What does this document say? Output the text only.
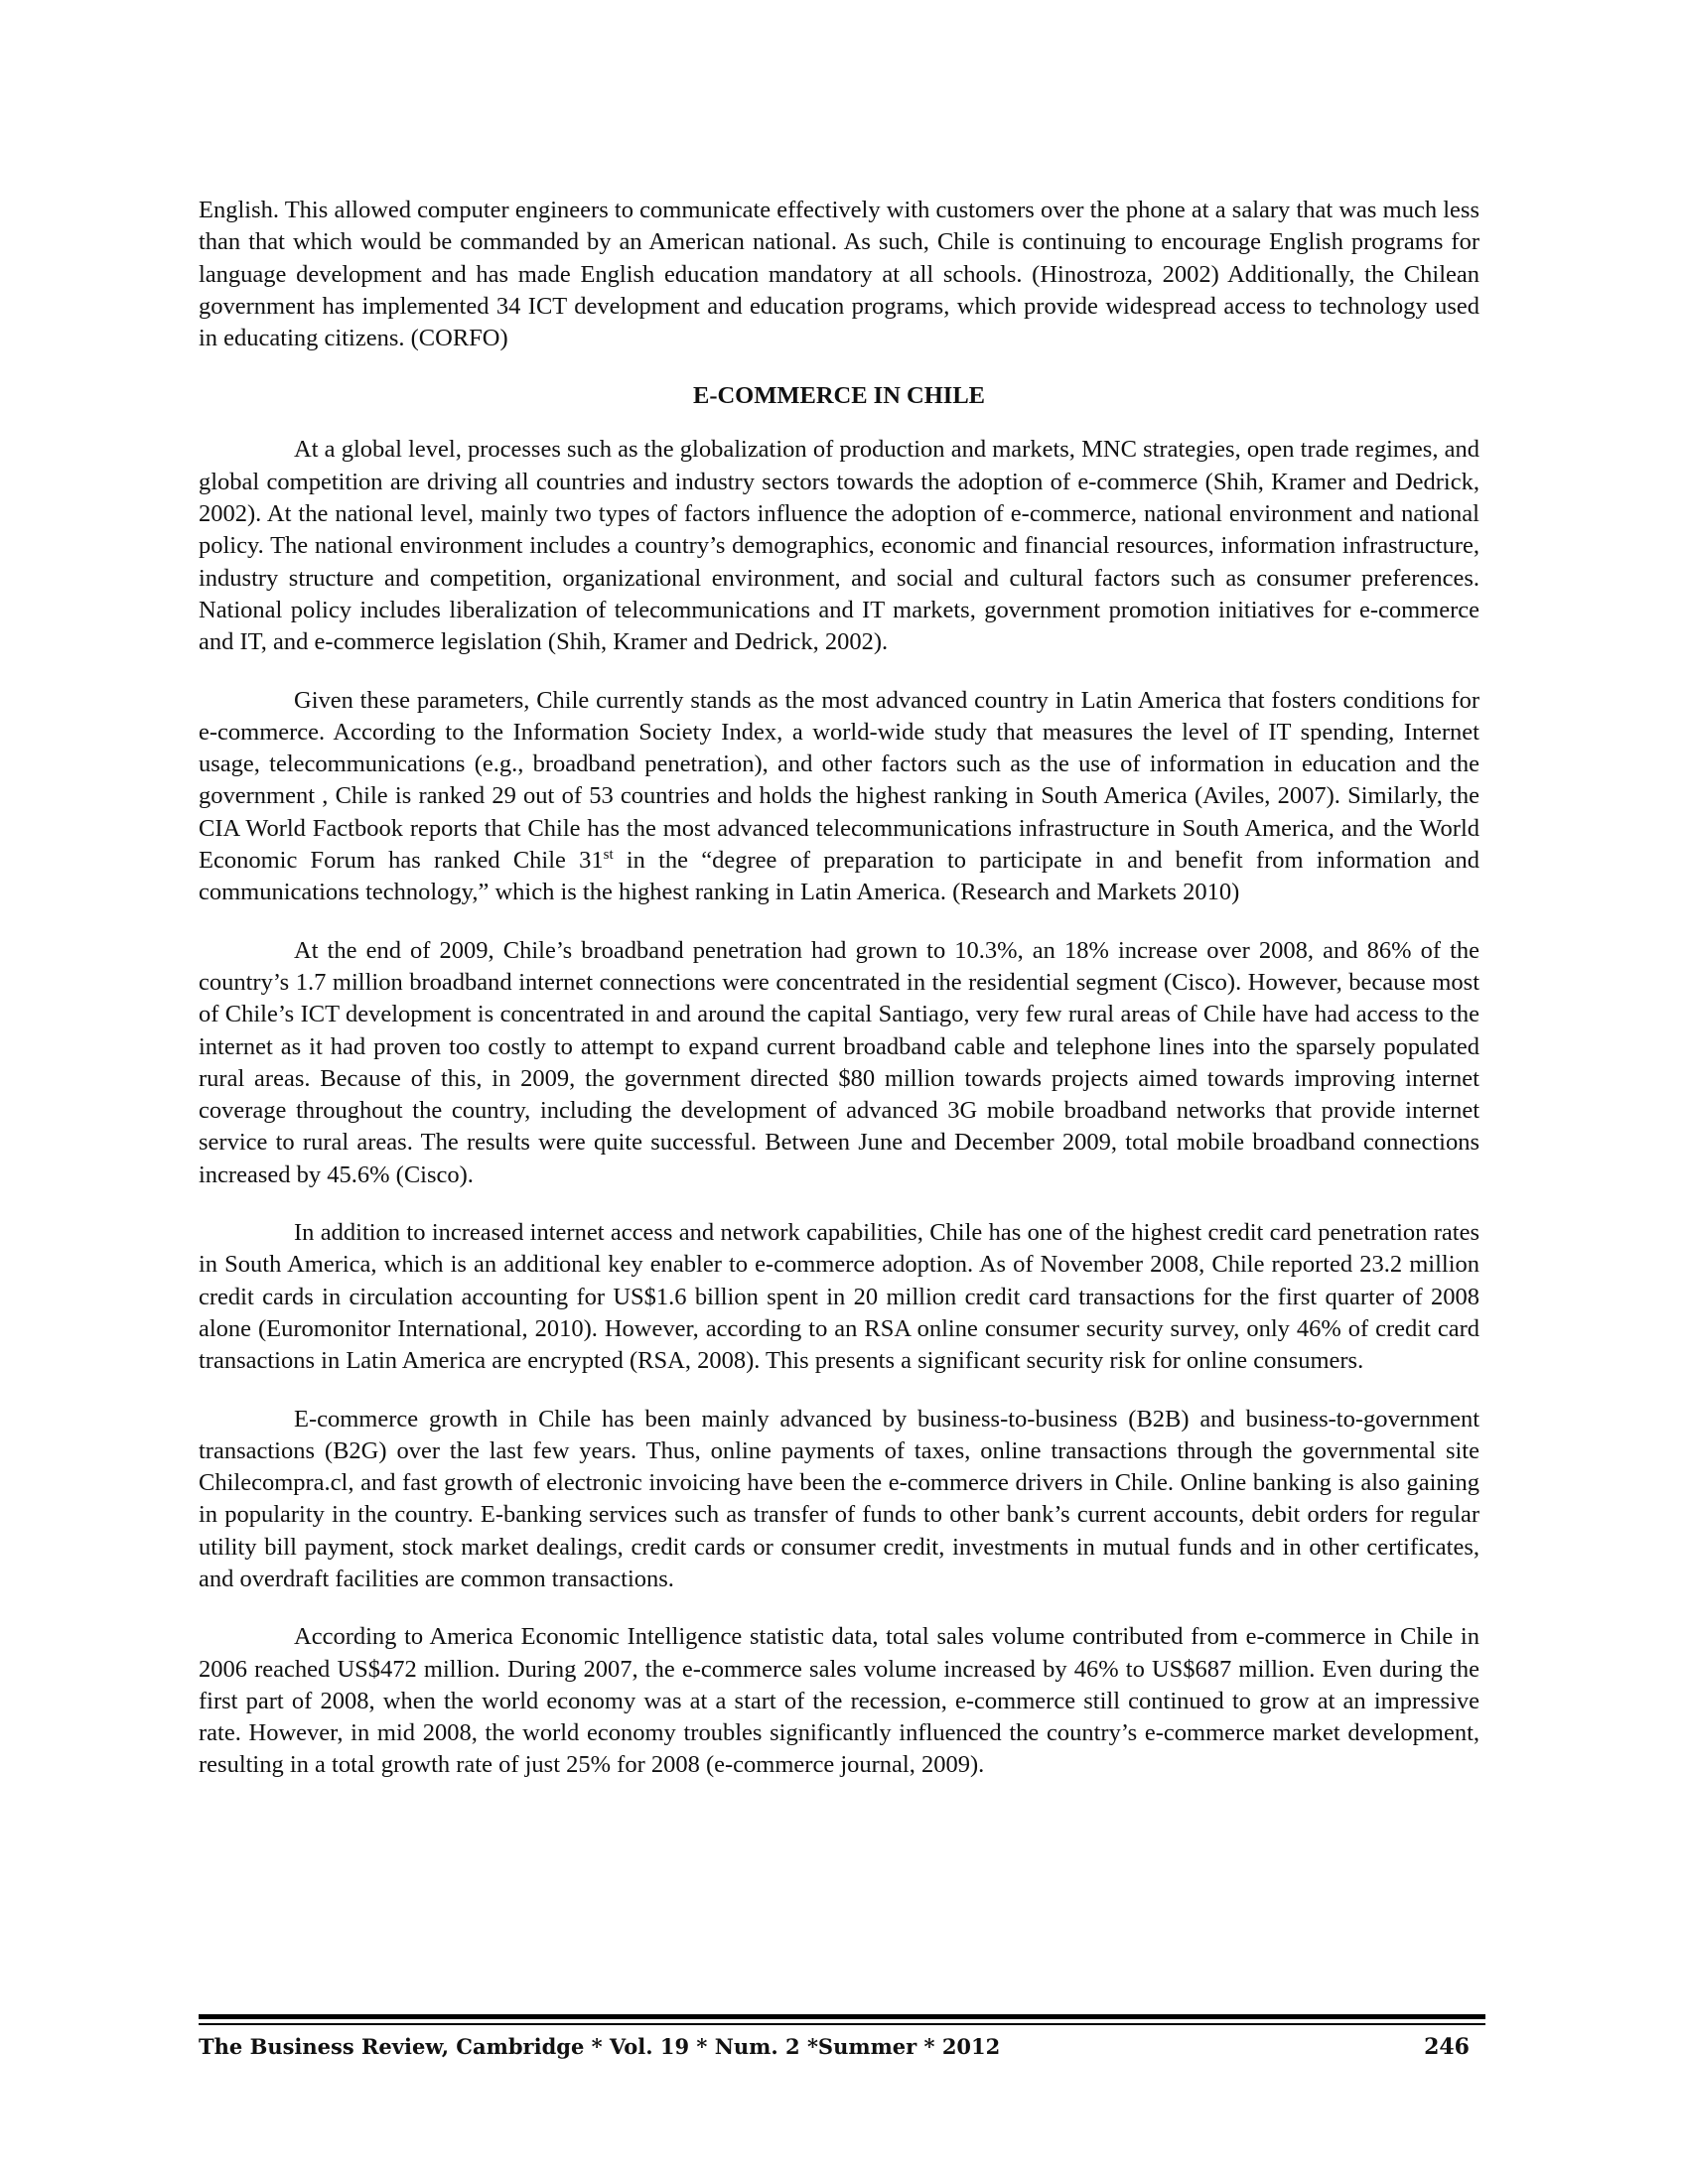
English. This allowed computer engineers to communicate effectively with customers over the phone at a salary that was much less than that which would be commanded by an American national. As such, Chile is continuing to encourage English programs for language development and has made English education mandatory at all schools. (Hinostroza, 2002) Additionally, the Chilean government has implemented 34 ICT development and education programs, which provide widespread access to technology used in educating citizens. (CORFO)

E-COMMERCE IN CHILE

At a global level, processes such as the globalization of production and markets, MNC strategies, open trade regimes, and global competition are driving all countries and industry sectors towards the adoption of e-commerce (Shih, Kramer and Dedrick, 2002). At the national level, mainly two types of factors influence the adoption of e-commerce, national environment and national policy. The national environment includes a country’s demographics, economic and financial resources, information infrastructure, industry structure and competition, organizational environment, and social and cultural factors such as consumer preferences. National policy includes liberalization of telecommunications and IT markets, government promotion initiatives for e-commerce and IT, and e-commerce legislation (Shih, Kramer and Dedrick, 2002).

Given these parameters, Chile currently stands as the most advanced country in Latin America that fosters conditions for e-commerce. According to the Information Society Index, a world-wide study that measures the level of IT spending, Internet usage, telecommunications (e.g., broadband penetration), and other factors such as the use of information in education and the government , Chile is ranked 29 out of 53 countries and holds the highest ranking in South America (Aviles, 2007). Similarly, the CIA World Factbook reports that Chile has the most advanced telecommunications infrastructure in South America, and the World Economic Forum has ranked Chile 31st in the “degree of preparation to participate in and benefit from information and communications technology,” which is the highest ranking in Latin America. (Research and Markets 2010)

At the end of 2009, Chile’s broadband penetration had grown to 10.3%, an 18% increase over 2008, and 86% of the country’s 1.7 million broadband internet connections were concentrated in the residential segment (Cisco). However, because most of Chile’s ICT development is concentrated in and around the capital Santiago, very few rural areas of Chile have had access to the internet as it had proven too costly to attempt to expand current broadband cable and telephone lines into the sparsely populated rural areas. Because of this, in 2009, the government directed $80 million towards projects aimed towards improving internet coverage throughout the country, including the development of advanced 3G mobile broadband networks that provide internet service to rural areas. The results were quite successful. Between June and December 2009, total mobile broadband connections increased by 45.6% (Cisco).

In addition to increased internet access and network capabilities, Chile has one of the highest credit card penetration rates in South America, which is an additional key enabler to e-commerce adoption. As of November 2008, Chile reported 23.2 million credit cards in circulation accounting for US$1.6 billion spent in 20 million credit card transactions for the first quarter of 2008 alone (Euromonitor International, 2010). However, according to an RSA online consumer security survey, only 46% of credit card transactions in Latin America are encrypted (RSA, 2008). This presents a significant security risk for online consumers.

E-commerce growth in Chile has been mainly advanced by business-to-business (B2B) and business-to-government transactions (B2G) over the last few years. Thus, online payments of taxes, online transactions through the governmental site Chilecompra.cl, and fast growth of electronic invoicing have been the e-commerce drivers in Chile. Online banking is also gaining in popularity in the country. E-banking services such as transfer of funds to other bank’s current accounts, debit orders for regular utility bill payment, stock market dealings, credit cards or consumer credit, investments in mutual funds and in other certificates, and overdraft facilities are common transactions.

According to America Economic Intelligence statistic data, total sales volume contributed from e-commerce in Chile in 2006 reached US$472 million. During 2007, the e-commerce sales volume increased by 46% to US$687 million. Even during the first part of 2008, when the world economy was at a start of the recession, e-commerce still continued to grow at an impressive rate. However, in mid 2008, the world economy troubles significantly influenced the country’s e-commerce market development, resulting in a total growth rate of just 25% for 2008 (e-commerce journal, 2009).

The Business Review, Cambridge * Vol. 19 * Num. 2 *Summer * 2012	246
